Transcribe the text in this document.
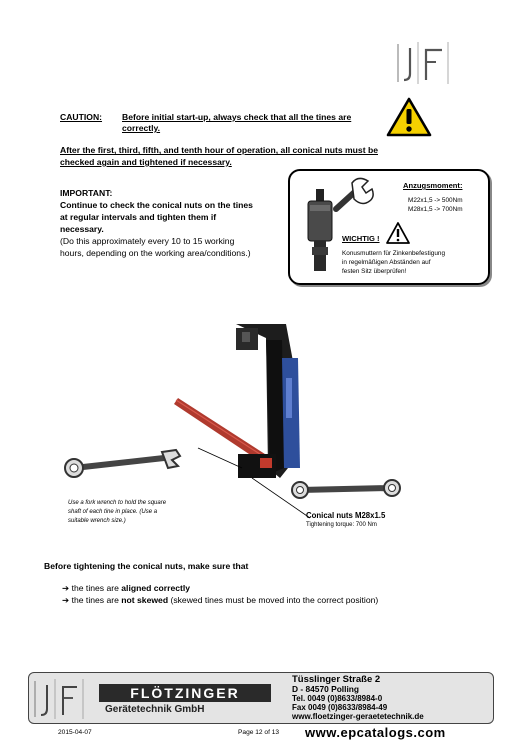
CAUTION: Before initial start-up, always check that all the tines are
correctly.
After the first, third, fifth, and tenth hour of operation, all conical nuts must be
checked again and tightened if necessary.
IMPORTANT:
Continue to check the conical nuts on the tines
at regular intervals and tighten them if
necessary.
(Do this approximately every 10 to 15 working
hours, depending on the working area/conditions.)
Anzugsmoment:
M22x1,5 -> 500Nm
M28x1,5 -> 700Nm
WICHTIG !
Konusmuttern für Zinkenbefestigung
in regelmäßigen Abständen auf
festen Sitz überprüfen!
Use a fork wrench to hold the square
shaft of each tine in place. (Use a
suitable wrench size.)
Conical nuts M28x1.5
Tightening torque: 700 Nm
Before tightening the conical nuts, make sure that
➔ the tines are aligned correctly
➔ the tines are not skewed (skewed tines must be moved into the correct position)
FLÖTZINGER
Gerätetechnik GmbH
Tüsslinger Straße 2
D - 84570 Polling
Tel. 0049 (0)8633/8984-0
Fax 0049 (0)8633/8984-49
www.floetzinger-geraetetechnik.de
2015-04-07	Page 12 of 13 www.epcatalogs.com
